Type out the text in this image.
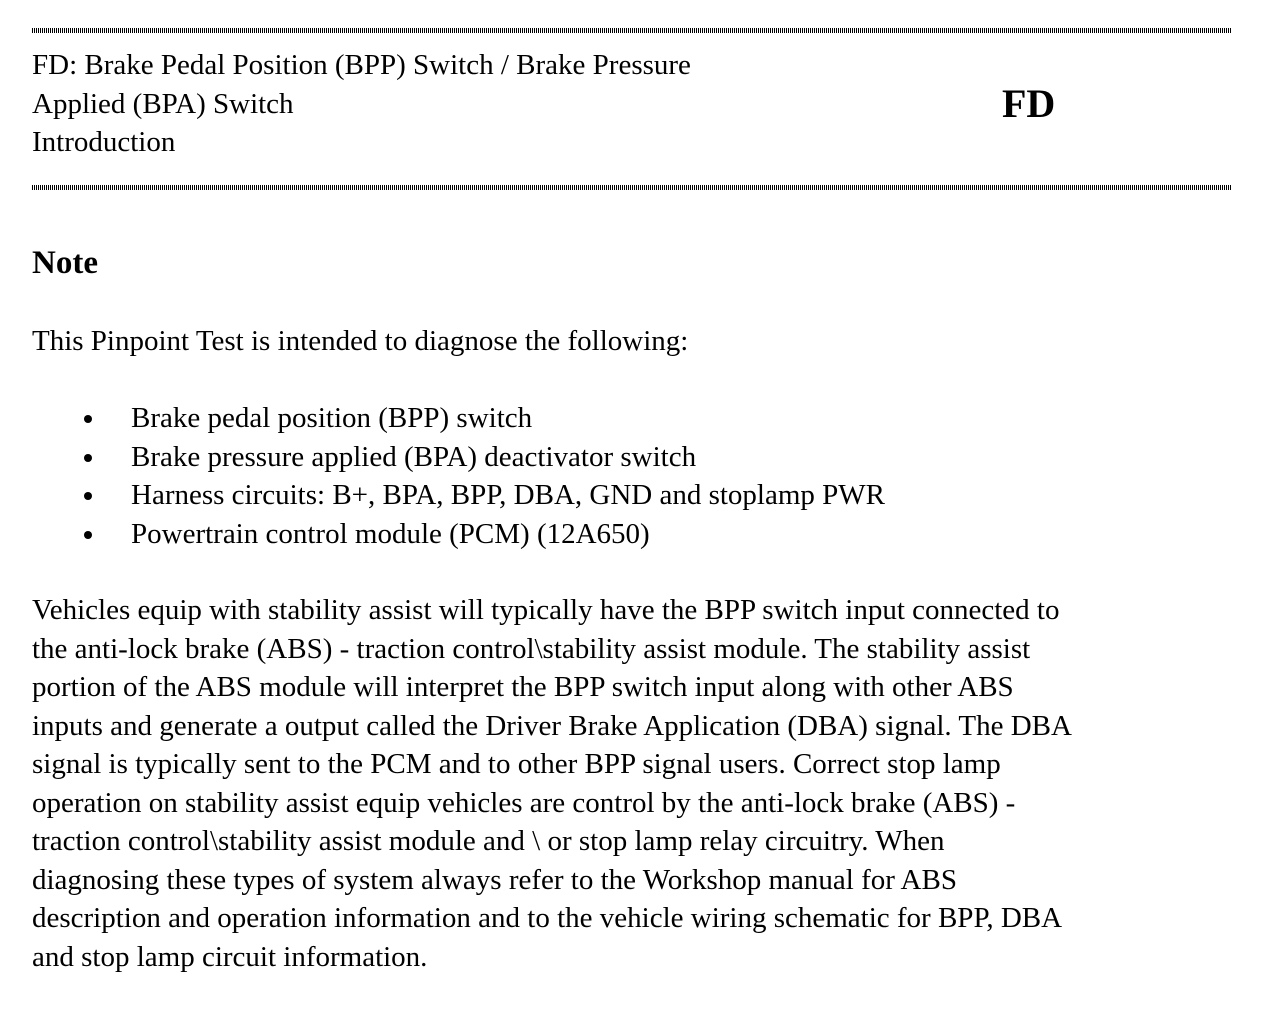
FD: Brake Pedal Position (BPP) Switch / Brake Pressure
Applied (BPA) Switch
Introduction
FD
Note

This Pinpoint Test is intended to diagnose the following:

Brake pedal position (BPP) switch
Brake pressure applied (BPA) deactivator switch
Harness circuits: B+, BPA, BPP, DBA, GND and stoplamp PWR
Powertrain control module (PCM) (12A650)

Vehicles equip with stability assist will typically have the BPP switch input connected to
the anti-lock brake (ABS) - traction control\stability assist module. The stability assist
portion of the ABS module will interpret the BPP switch input along with other ABS
inputs and generate a output called the Driver Brake Application (DBA) signal. The DBA
signal is typically sent to the PCM and to other BPP signal users. Correct stop lamp
operation on stability assist equip vehicles are control by the anti-lock brake (ABS) -
traction control\stability assist module and \ or stop lamp relay circuitry. When
diagnosing these types of system always refer to the Workshop manual for ABS
description and operation information and to the vehicle wiring schematic for BPP, DBA
and stop lamp circuit information.
